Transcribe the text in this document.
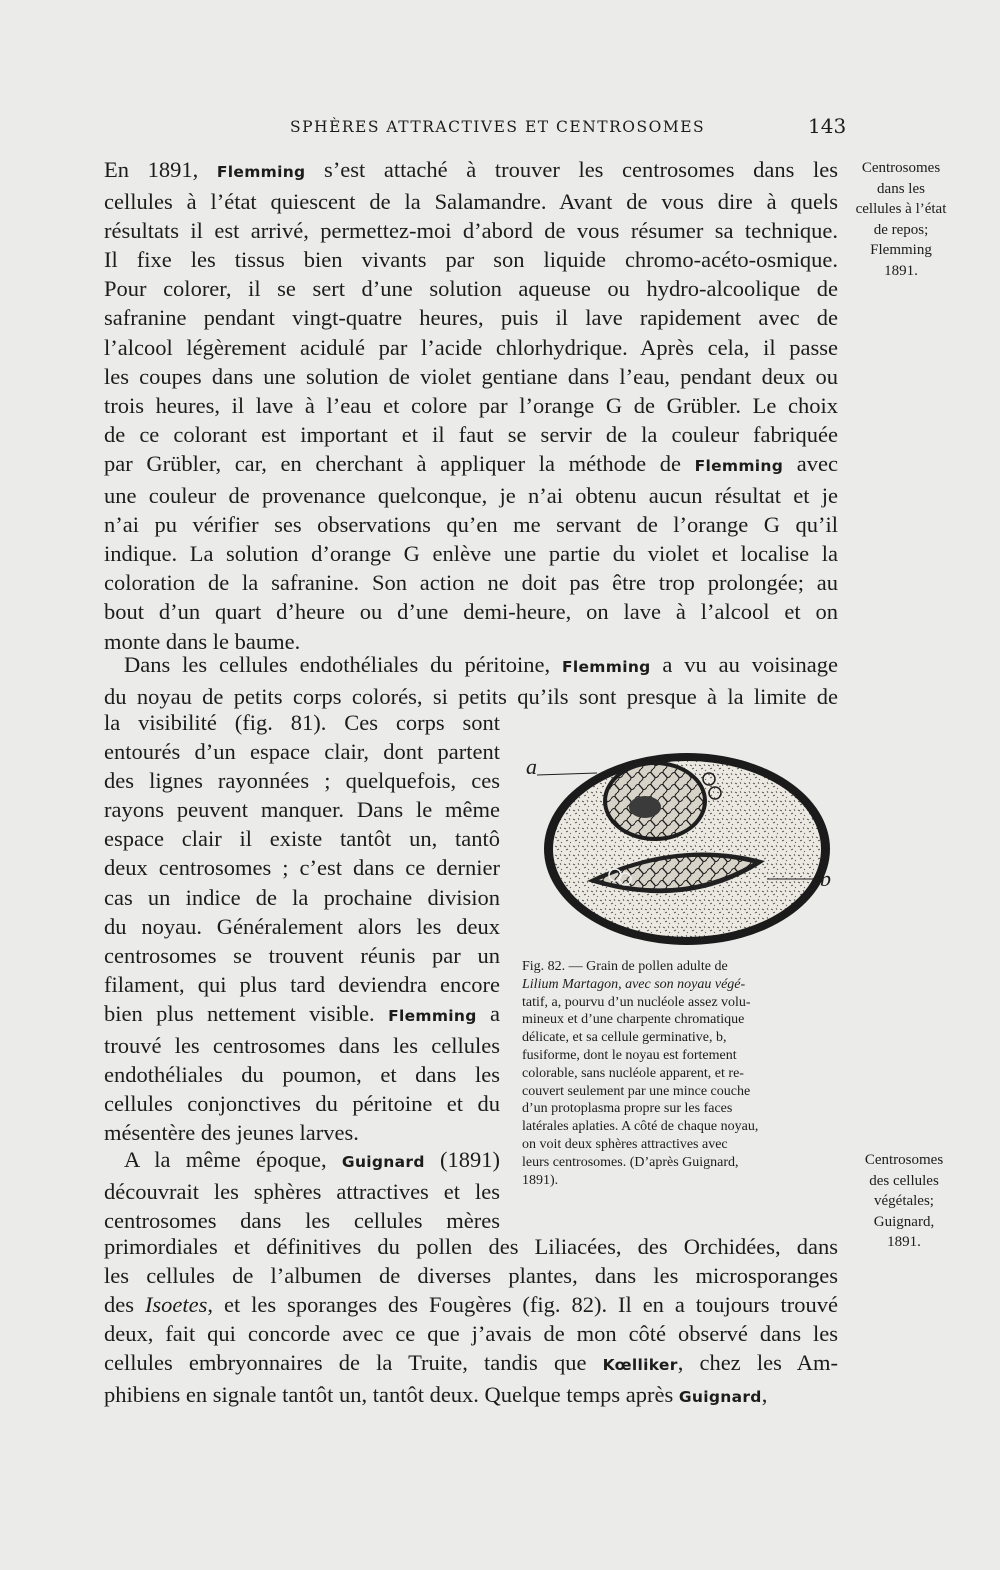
SPHÈRES ATTRACTIVES ET CENTROSOMES	143
En 1891, Flemming s’est attaché à trouver les centrosomes dans les
cellules à l’état quiescent de la Salamandre. Avant de vous dire à quels
résultats il est arrivé, permettez-moi d’abord de vous résumer sa technique.
Il fixe les tissus bien vivants par son liquide chromo-acéto-osmique.
Pour colorer, il se sert d’une solution aqueuse ou hydro-alcoolique de
safranine pendant vingt-quatre heures, puis il lave rapidement avec de
l’alcool légèrement acidulé par l’acide chlorhydrique. Après cela, il passe
les coupes dans une solution de violet gentiane dans l’eau, pendant deux ou
trois heures, il lave à l’eau et colore par l’orange G de Grübler. Le choix
de ce colorant est important et il faut se servir de la couleur fabriquée
par Grübler, car, en cherchant à appliquer la méthode de Flemming avec
une couleur de provenance quelconque, je n’ai obtenu aucun résultat et je
n’ai pu vérifier ses observations qu’en me servant de l’orange G qu’il
indique. La solution d’orange G enlève une partie du violet et localise la
coloration de la safranine. Son action ne doit pas être trop prolongée; au
bout d’un quart d’heure ou d’une demi-heure, on lave à l’alcool et on
monte dans le baume.
Dans les cellules endothéliales du péritoine, Flemming a vu au voisinage
du noyau de petits corps colorés, si petits qu’ils sont presque à la limite de
la visibilité (fig. 81). Ces corps sont
entourés d’un espace clair, dont partent
des lignes rayonnées ; quelquefois, ces
rayons peuvent manquer. Dans le même
espace clair il existe tantôt un, tantô
deux centrosomes ; c’est dans ce dernier
cas un indice de la prochaine division
du noyau. Généralement alors les deux
centrosomes se trouvent réunis par un
filament, qui plus tard deviendra encore
bien plus nettement visible. Flemming a
trouvé les centrosomes dans les cellules
endothéliales du poumon, et dans les
cellules conjonctives du péritoine et du
mésentère des jeunes larves.
A la même époque, Guignard (1891)
découvrait les sphères attractives et les
centrosomes dans les cellules mères
primordiales et définitives du pollen des Liliacées, des Orchidées, dans
les cellules de l’albumen de diverses plantes, dans les microsporanges
des Isoetes, et les sporanges des Fougères (fig. 82). Il en a toujours trouvé
deux, fait qui concorde avec ce que j’avais de mon côté observé dans les
cellules embryonnaires de la Truite, tandis que Kœlliker, chez les Am-
phibiens en signale tantôt un, tantôt deux. Quelque temps après Guignard,
Centrosomes
dans les
cellules à l’état
de repos;
Flemming
1891.
Centrosomes
des cellules
végétales;
Guignard,
1891.
a
b
Fig. 82. — Grain de pollen adulte de
Lilium Martagon, avec son noyau végé-
tatif, a, pourvu d’un nucléole assez volu-
mineux et d’une charpente chromatique
délicate, et sa cellule germinative, b,
fusiforme, dont le noyau est fortement
colorable, sans nucléole apparent, et re-
couvert seulement par une mince couche
d’un protoplasma propre sur les faces
latérales aplaties. A côté de chaque noyau,
on voit deux sphères attractives avec
leurs centrosomes. (D’après Guignard,
1891).
